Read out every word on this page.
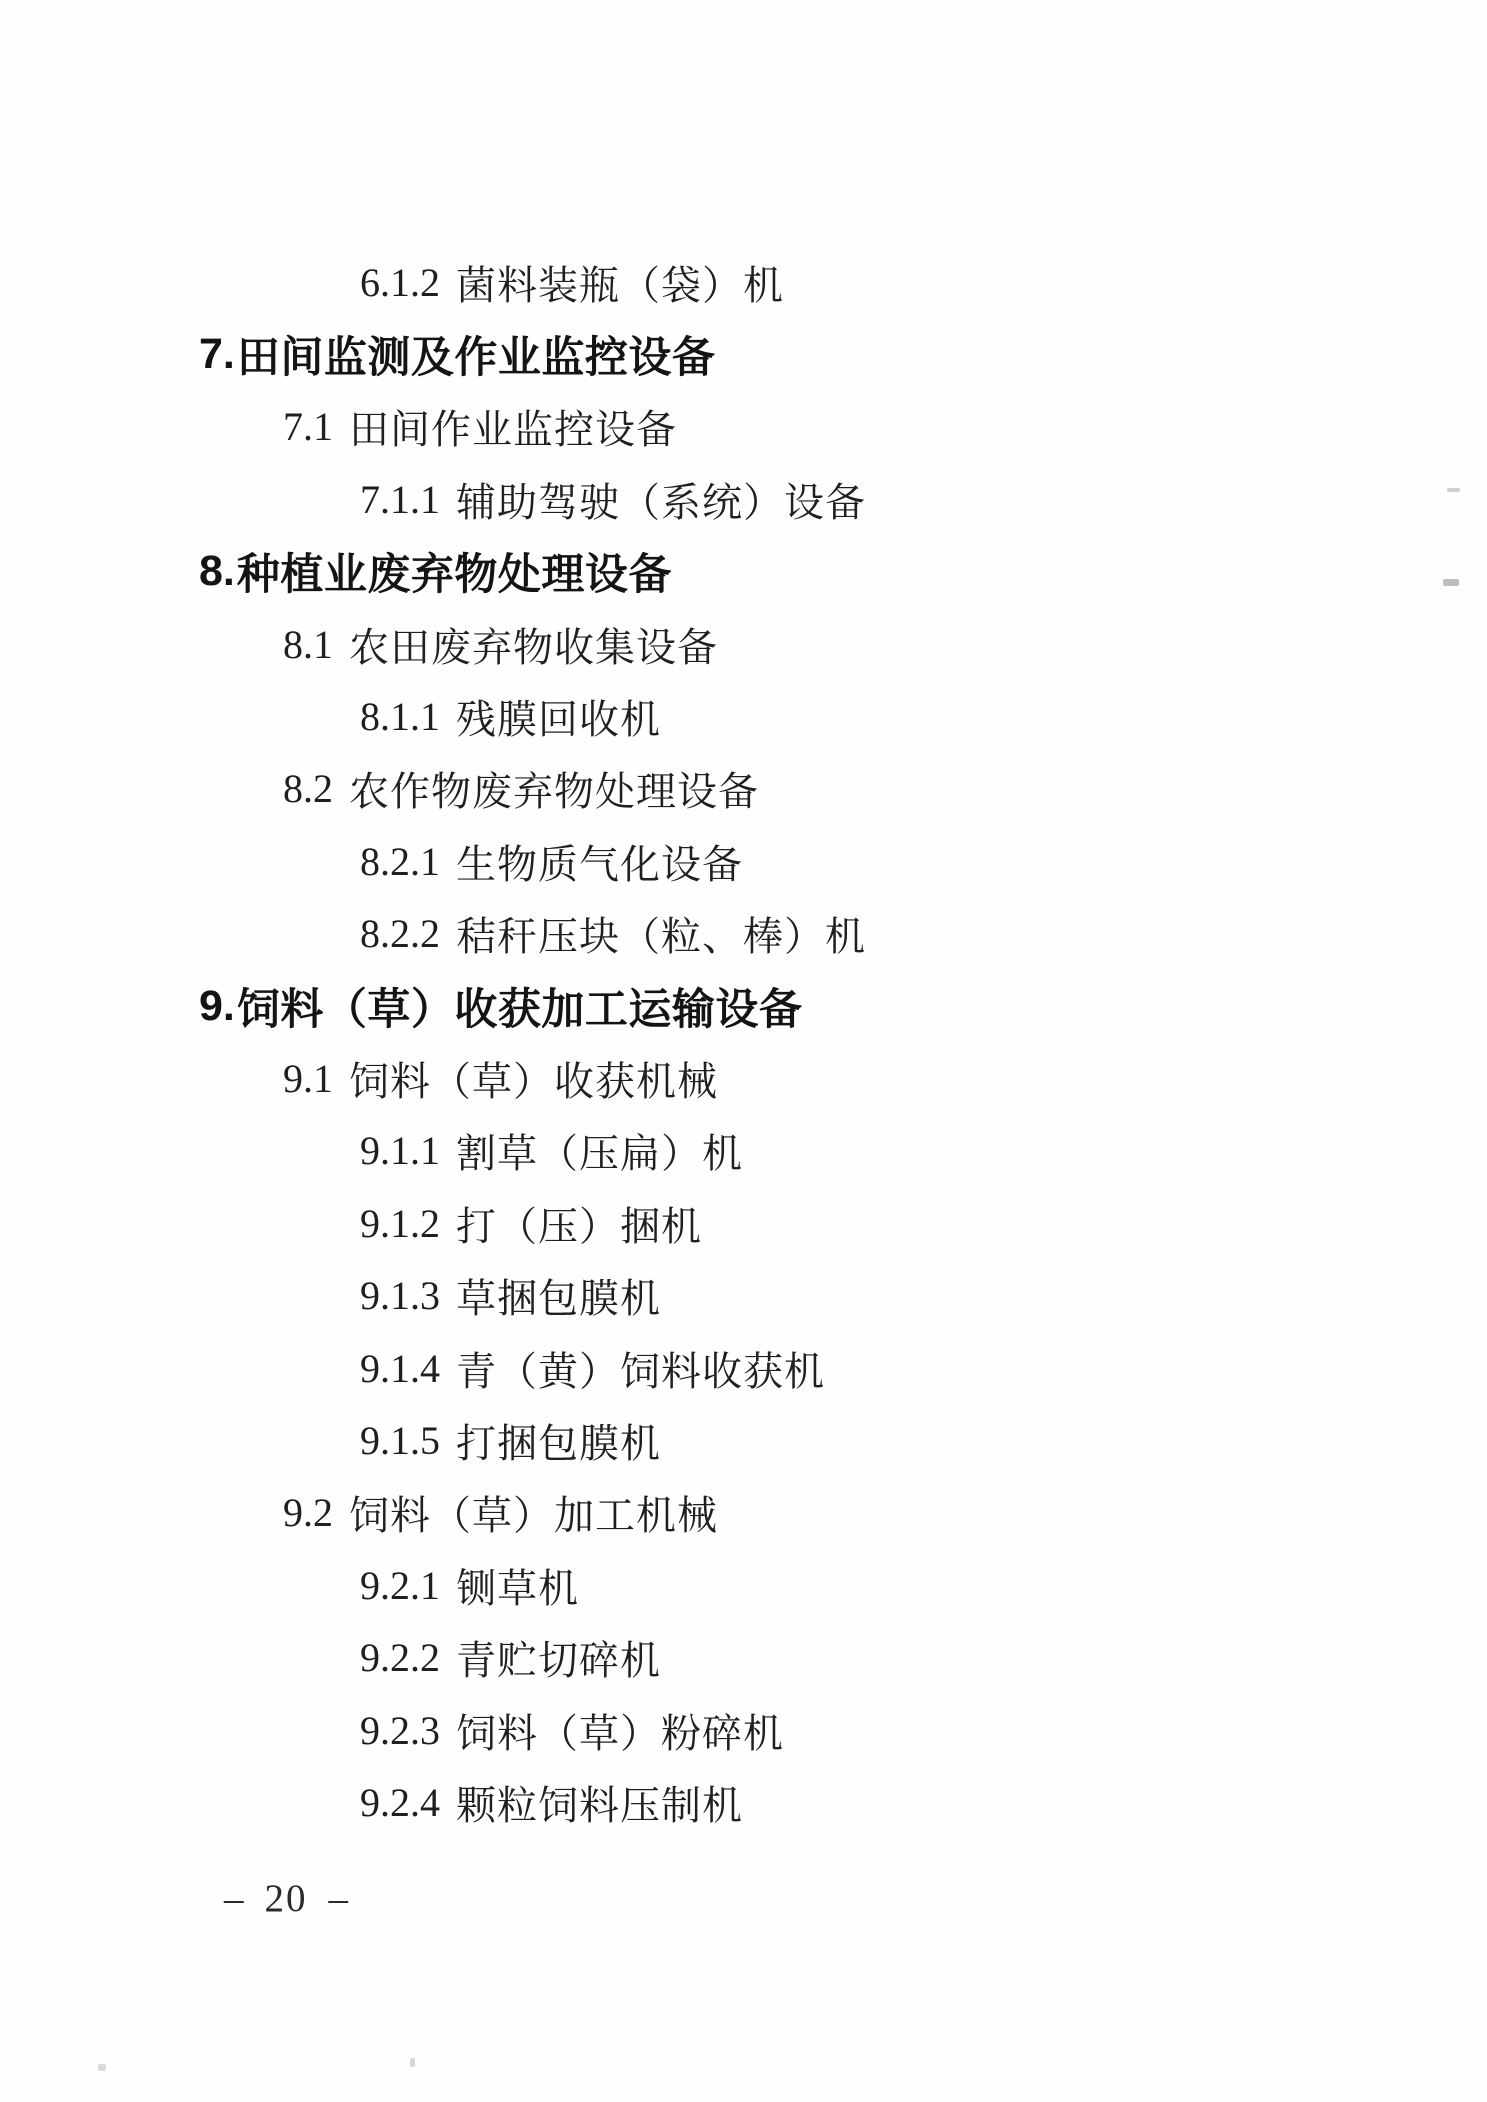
6.1.2 菌料装瓶（袋）机
7. 田间监测及作业监控设备
7.1 田间作业监控设备
7.1.1 辅助驾驶（系统）设备
8. 种植业废弃物处理设备
8.1 农田废弃物收集设备
8.1.1 残膜回收机
8.2 农作物废弃物处理设备
8.2.1 生物质气化设备
8.2.2 秸秆压块（粒、棒）机
9. 饲料（草）收获加工运输设备
9.1 饲料（草）收获机械
9.1.1 割草（压扁）机
9.1.2 打（压）捆机
9.1.3 草捆包膜机
9.1.4 青（黄）饲料收获机
9.1.5 打捆包膜机
9.2 饲料（草）加工机械
9.2.1 铡草机
9.2.2 青贮切碎机
9.2.3 饲料（草）粉碎机
9.2.4 颗粒饲料压制机
– 20 –
